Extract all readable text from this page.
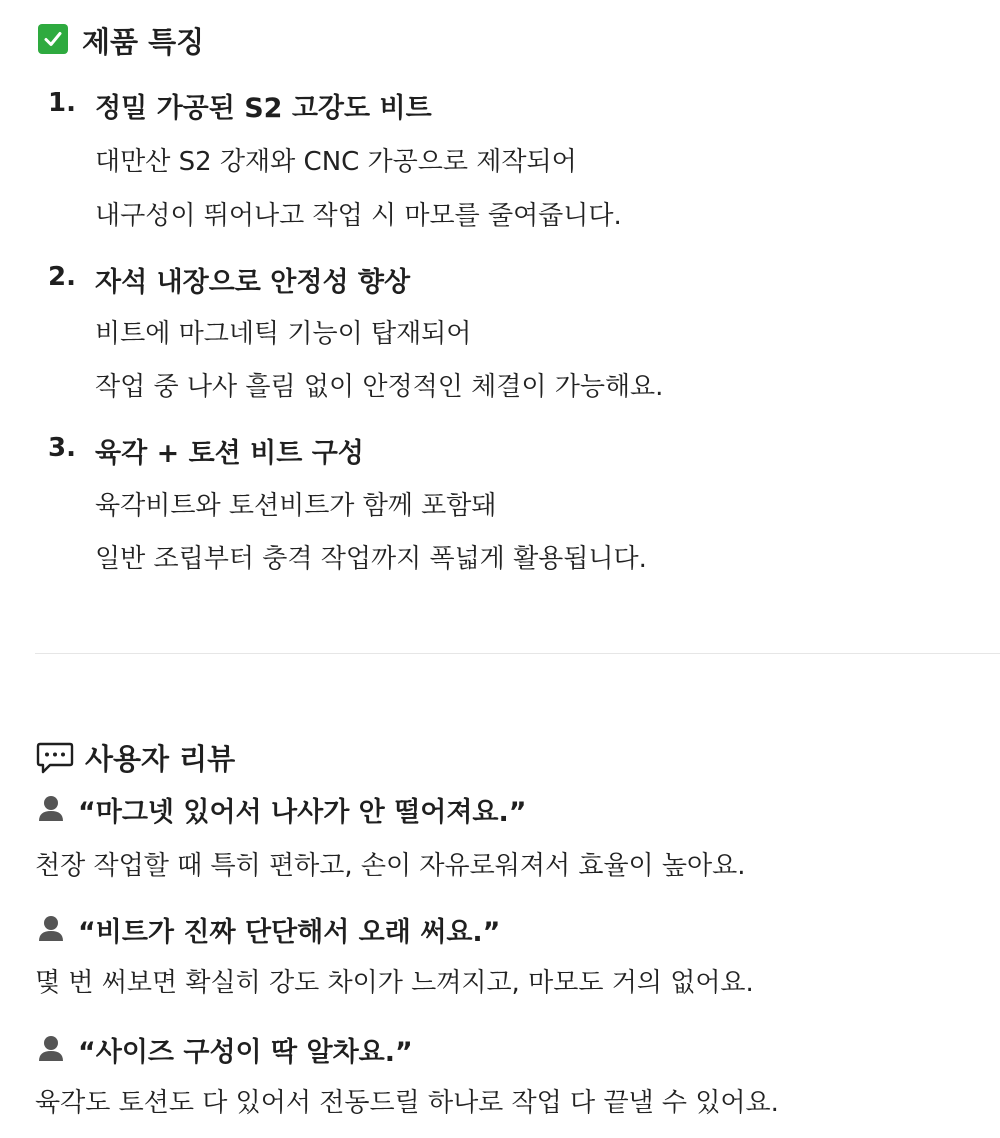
제품 특징
1. 정밀 가공된 S2 고강도 비트
대만산 S2 강재와 CNC 가공으로 제작되어
내구성이 뛰어나고 작업 시 마모를 줄여줍니다.
2. 자석 내장으로 안정성 향상
비트에 마그네틱 기능이 탑재되어
작업 중 나사 흘림 없이 안정적인 체결이 가능해요.
3. 육각 + 토션 비트 구성
육각비트와 토션비트가 함께 포함돼
일반 조립부터 충격 작업까지 폭넓게 활용됩니다.
사용자 리뷰
“마그넷 있어서 나사가 안 떨어져요.”
천장 작업할 때 특히 편하고, 손이 자유로워져서 효율이 높아요.
“비트가 진짜 단단해서 오래 써요.”
몇 번 써보면 확실히 강도 차이가 느껴지고, 마모도 거의 없어요.
“사이즈 구성이 딱 알차요.”
육각도 토션도 다 있어서 전동드릴 하나로 작업 다 끝낼 수 있어요.
